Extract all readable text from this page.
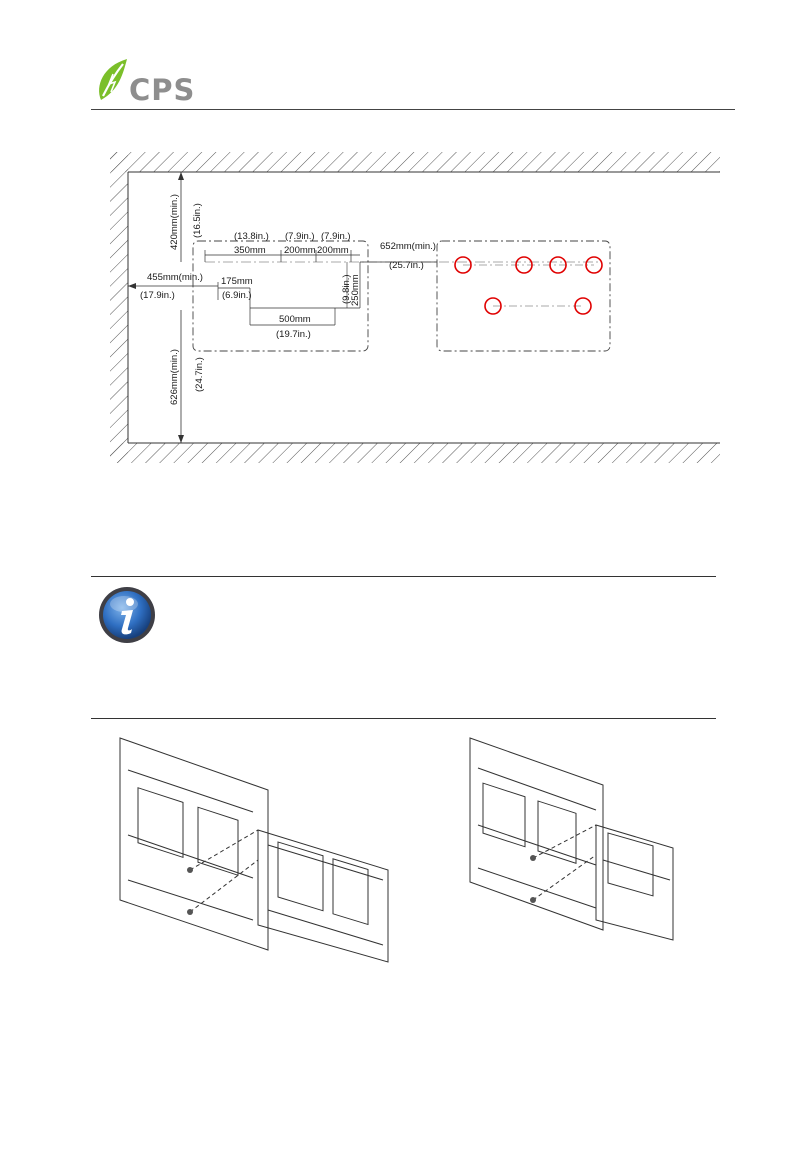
CPS
420mm(min.) (16.5in.)
626mm(min.) (24.7in.)
(9.8in.)
250mm
(13.8in.) (7.9in.) (7.9in.)
350mm 200mm 200mm	652mm(min.)
(25.7in.)
455mm(min.)
(17.9in.)
175mm
(6.9in.)
500mm
(19.7in.)
